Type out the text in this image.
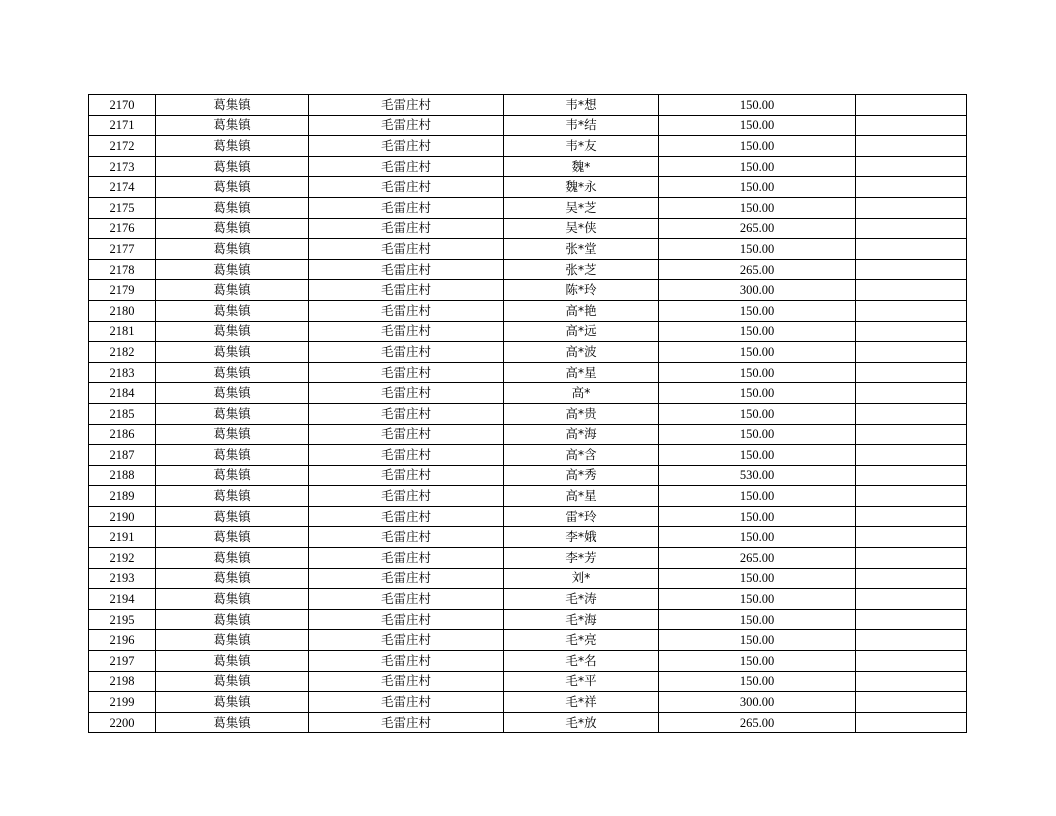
2170	葛集镇	毛雷庄村	韦*想	150.00	
2171	葛集镇	毛雷庄村	韦*结	150.00	
2172	葛集镇	毛雷庄村	韦*友	150.00	
2173	葛集镇	毛雷庄村	魏*	150.00	
2174	葛集镇	毛雷庄村	魏*永	150.00	
2175	葛集镇	毛雷庄村	吴*芝	150.00	
2176	葛集镇	毛雷庄村	吴*侠	265.00	
2177	葛集镇	毛雷庄村	张*堂	150.00	
2178	葛集镇	毛雷庄村	张*芝	265.00	
2179	葛集镇	毛雷庄村	陈*玲	300.00	
2180	葛集镇	毛雷庄村	高*艳	150.00	
2181	葛集镇	毛雷庄村	高*远	150.00	
2182	葛集镇	毛雷庄村	高*波	150.00	
2183	葛集镇	毛雷庄村	高*星	150.00	
2184	葛集镇	毛雷庄村	高*	150.00	
2185	葛集镇	毛雷庄村	高*贵	150.00	
2186	葛集镇	毛雷庄村	高*海	150.00	
2187	葛集镇	毛雷庄村	高*含	150.00	
2188	葛集镇	毛雷庄村	高*秀	530.00	
2189	葛集镇	毛雷庄村	高*星	150.00	
2190	葛集镇	毛雷庄村	雷*玲	150.00	
2191	葛集镇	毛雷庄村	李*娥	150.00	
2192	葛集镇	毛雷庄村	李*芳	265.00	
2193	葛集镇	毛雷庄村	刘*	150.00	
2194	葛集镇	毛雷庄村	毛*涛	150.00	
2195	葛集镇	毛雷庄村	毛*海	150.00	
2196	葛集镇	毛雷庄村	毛*亮	150.00	
2197	葛集镇	毛雷庄村	毛*名	150.00	
2198	葛集镇	毛雷庄村	毛*平	150.00	
2199	葛集镇	毛雷庄村	毛*祥	300.00	
2200	葛集镇	毛雷庄村	毛*放	265.00	
